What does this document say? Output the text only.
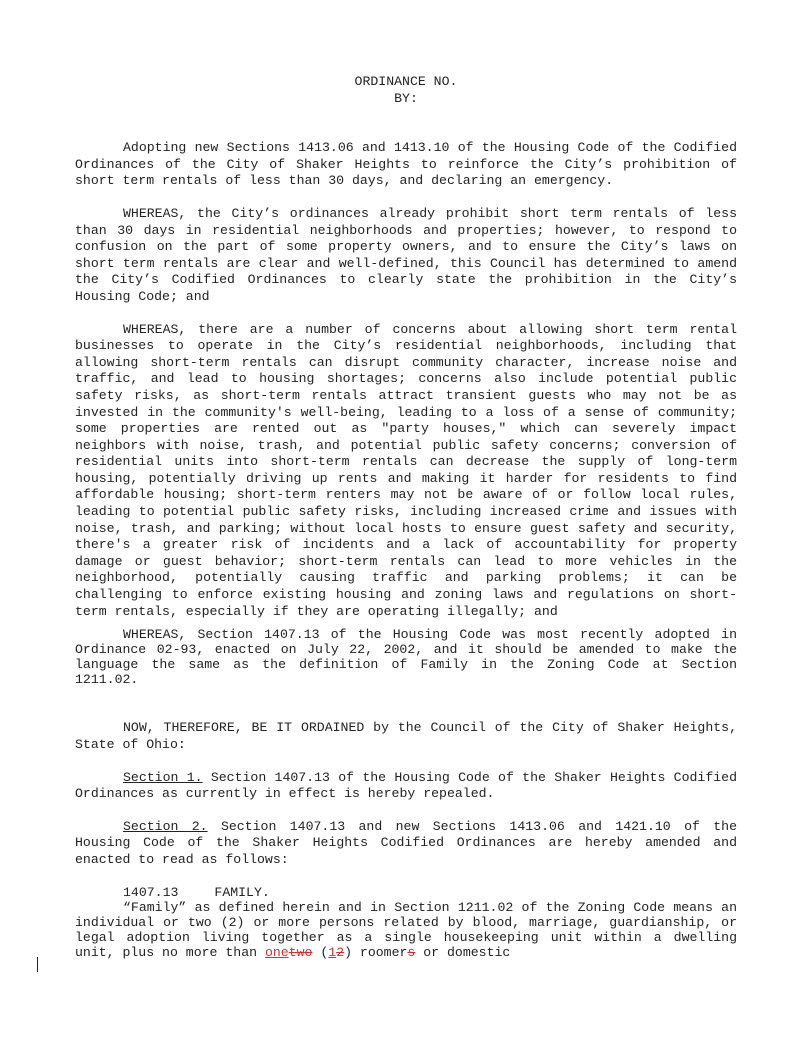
ORDINANCE NO.
BY:

Adopting new Sections 1413.06 and 1413.10 of the Housing Code of the Codified Ordinances of the City of Shaker Heights to reinforce the City’s prohibition of short term rentals of less than 30 days, and declaring an emergency.

WHEREAS, the City’s ordinances already prohibit short term rentals of less than 30 days in residential neighborhoods and properties; however, to respond to confusion on the part of some property owners, and to ensure the City’s laws on short term rentals are clear and well-defined, this Council has determined to amend the City’s Codified Ordinances to clearly state the prohibition in the City’s Housing Code; and

WHEREAS, there are a number of concerns about allowing short term rental businesses to operate in the City’s residential neighborhoods, including that allowing short-term rentals can disrupt community character, increase noise and traffic, and lead to housing shortages; concerns also include potential public safety risks, as short-term rentals attract transient guests who may not be as invested in the community's well-being, leading to a loss of a sense of community; some properties are rented out as "party houses," which can severely impact neighbors with noise, trash, and potential public safety concerns; conversion of residential units into short-term rentals can decrease the supply of long-term housing, potentially driving up rents and making it harder for residents to find affordable housing; short-term renters may not be aware of or follow local rules, leading to potential public safety risks, including increased crime and issues with noise, trash, and parking; without local hosts to ensure guest safety and security, there's a greater risk of incidents and a lack of accountability for property damage or guest behavior; short-term rentals can lead to more vehicles in the neighborhood, potentially causing traffic and parking problems; it can be challenging to enforce existing housing and zoning laws and regulations on short-term rentals, especially if they are operating illegally; and

WHEREAS, Section 1407.13 of the Housing Code was most recently adopted in Ordinance 02-93, enacted on July 22, 2002, and it should be amended to make the language the same as the definition of Family in the Zoning Code at Section 1211.02.

NOW, THEREFORE, BE IT ORDAINED by the Council of the City of Shaker Heights, State of Ohio:

Section 1. Section 1407.13 of the Housing Code of the Shaker Heights Codified Ordinances as currently in effect is hereby repealed.

Section 2. Section 1407.13 and new Sections 1413.06 and 1421.10 of the Housing Code of the Shaker Heights Codified Ordinances are hereby amended and enacted to read as follows:

1407.13	FAMILY.

“Family” as defined herein and in Section 1211.02 of the Zoning Code means an individual or two (2) or more persons related by blood, marriage, guardianship, or legal adoption living together as a single housekeeping unit within a dwelling unit, plus no more than onetwo (12) roomers or domestic
